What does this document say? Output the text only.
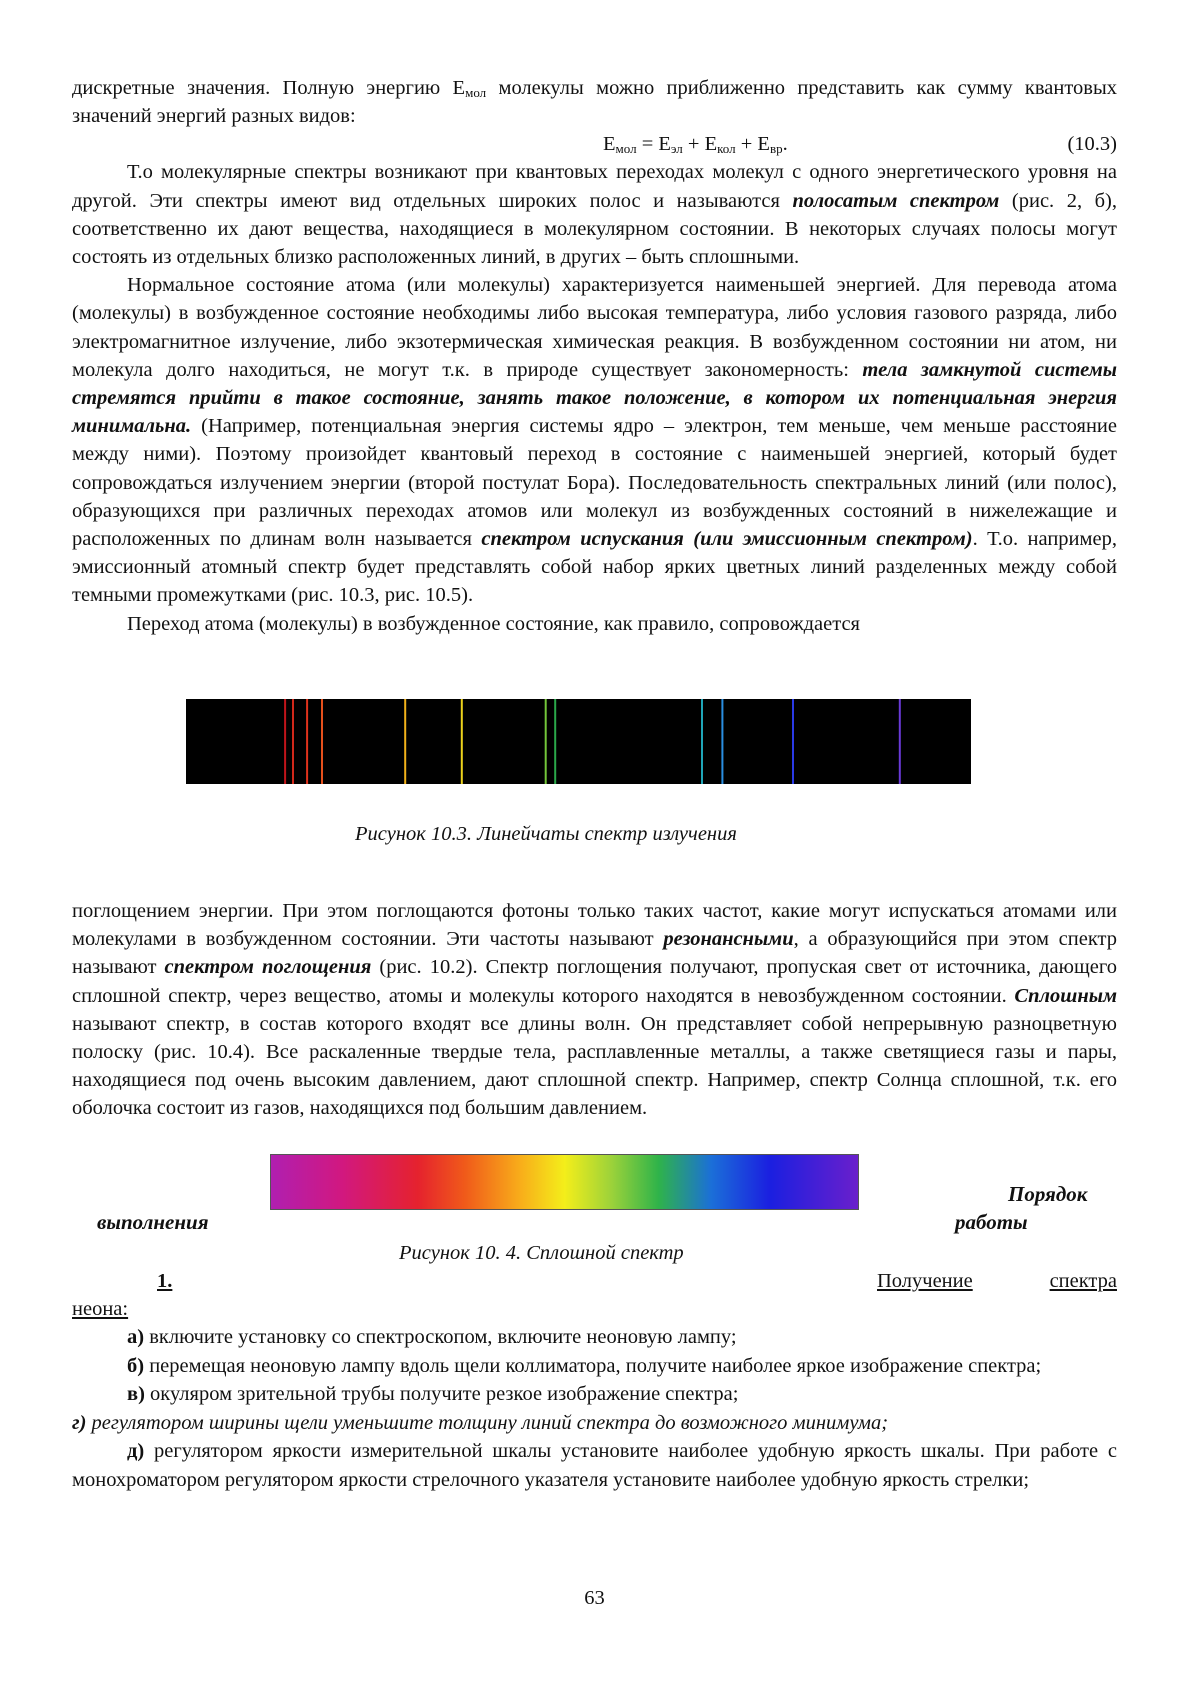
дискретные значения. Полную энергию $E_{мол}$ молекулы можно приближенно представить как сумму квантовых значений энергий разных видов:

$E_{мол} = E_{эл} + E_{кол} + E_{вр}$.	(10.3)

Т.о молекулярные спектры возникают при квантовых переходах молекул с одного энергетического уровня на другой. Эти спектры имеют вид отдельных широких полос и называются полосатым спектром (рис. 2, б), соответственно их дают вещества, находящиеся в молекулярном состоянии. В некоторых случаях полосы могут состоять из отдельных близко расположенных линий, в других – быть сплошными.

Нормальное состояние атома (или молекулы) характеризуется наименьшей энергией. Для перевода атома (молекулы) в возбужденное состояние необходимы либо высокая температура, либо условия газового разряда, либо электромагнитное излучение, либо экзотермическая химическая реакция. В возбужденном состоянии ни атом, ни молекула долго находиться, не могут т.к. в природе существует закономерность: тела замкнутой системы стремятся прийти в такое состояние, занять такое положение, в котором их потенциальная энергия минимальна. (Например, потенциальная энергия системы ядро – электрон, тем меньше, чем меньше расстояние между ними). Поэтому произойдет квантовый переход в состояние с наименьшей энергией, который будет сопровождаться излучением энергии (второй постулат Бора). Последовательность спектральных линий (или полос), образующихся при различных переходах атомов или молекул из возбужденных состояний в нижележащие и расположенных по длинам волн называется спектром испускания (или эмиссионным спектром). Т.о. например, эмиссионный атомный спектр будет представлять собой набор ярких цветных линий разделенных между собой темными промежутками (рис. 10.3, рис. 10.5).

Переход атома (молекулы) в возбужденное состояние, как правило, сопровождается

Рисунок 10.3. Линейчаты спектр излучения

поглощением энергии. При этом поглощаются фотоны только таких частот, какие могут испускаться атомами или молекулами в возбужденном состоянии. Эти частоты называют резонансными, а образующийся при этом спектр называют спектром поглощения (рис. 10.2). Спектр поглощения получают, пропуская свет от источника, дающего сплошной спектр, через вещество, атомы и молекулы которого находятся в невозбужденном состоянии. Сплошным называют спектр, в состав которого входят все длины волн. Он представляет собой непрерывную разноцветную полоску (рис. 10.4). Все раскаленные твердые тела, расплавленные металлы, а также светящиеся газы и пары, находящиеся под очень высоким давлением, дают сплошной спектр. Например, спектр Солнца сплошной, т.к. его оболочка состоит из газов, находящихся под большим давлением.

Порядок
выполнения	работы
Рисунок 10. 4. Сплошной спектр
1.	Получение	спектра
неона:

а) включите установку со спектроскопом, включите неоновую лампу;

б) перемещая неоновую лампу вдоль щели коллиматора, получите наиболее яркое изображение спектра;

в) окуляром зрительной трубы получите резкое изображение спектра;

г) регулятором ширины щели уменьшите толщину линий спектра до возможного минимума;

д) регулятором яркости измерительной шкалы установите наиболее удобную яркость шкалы. При работе с монохроматором регулятором яркости стрелочного указателя установите наиболее удобную яркость стрелки;

63
